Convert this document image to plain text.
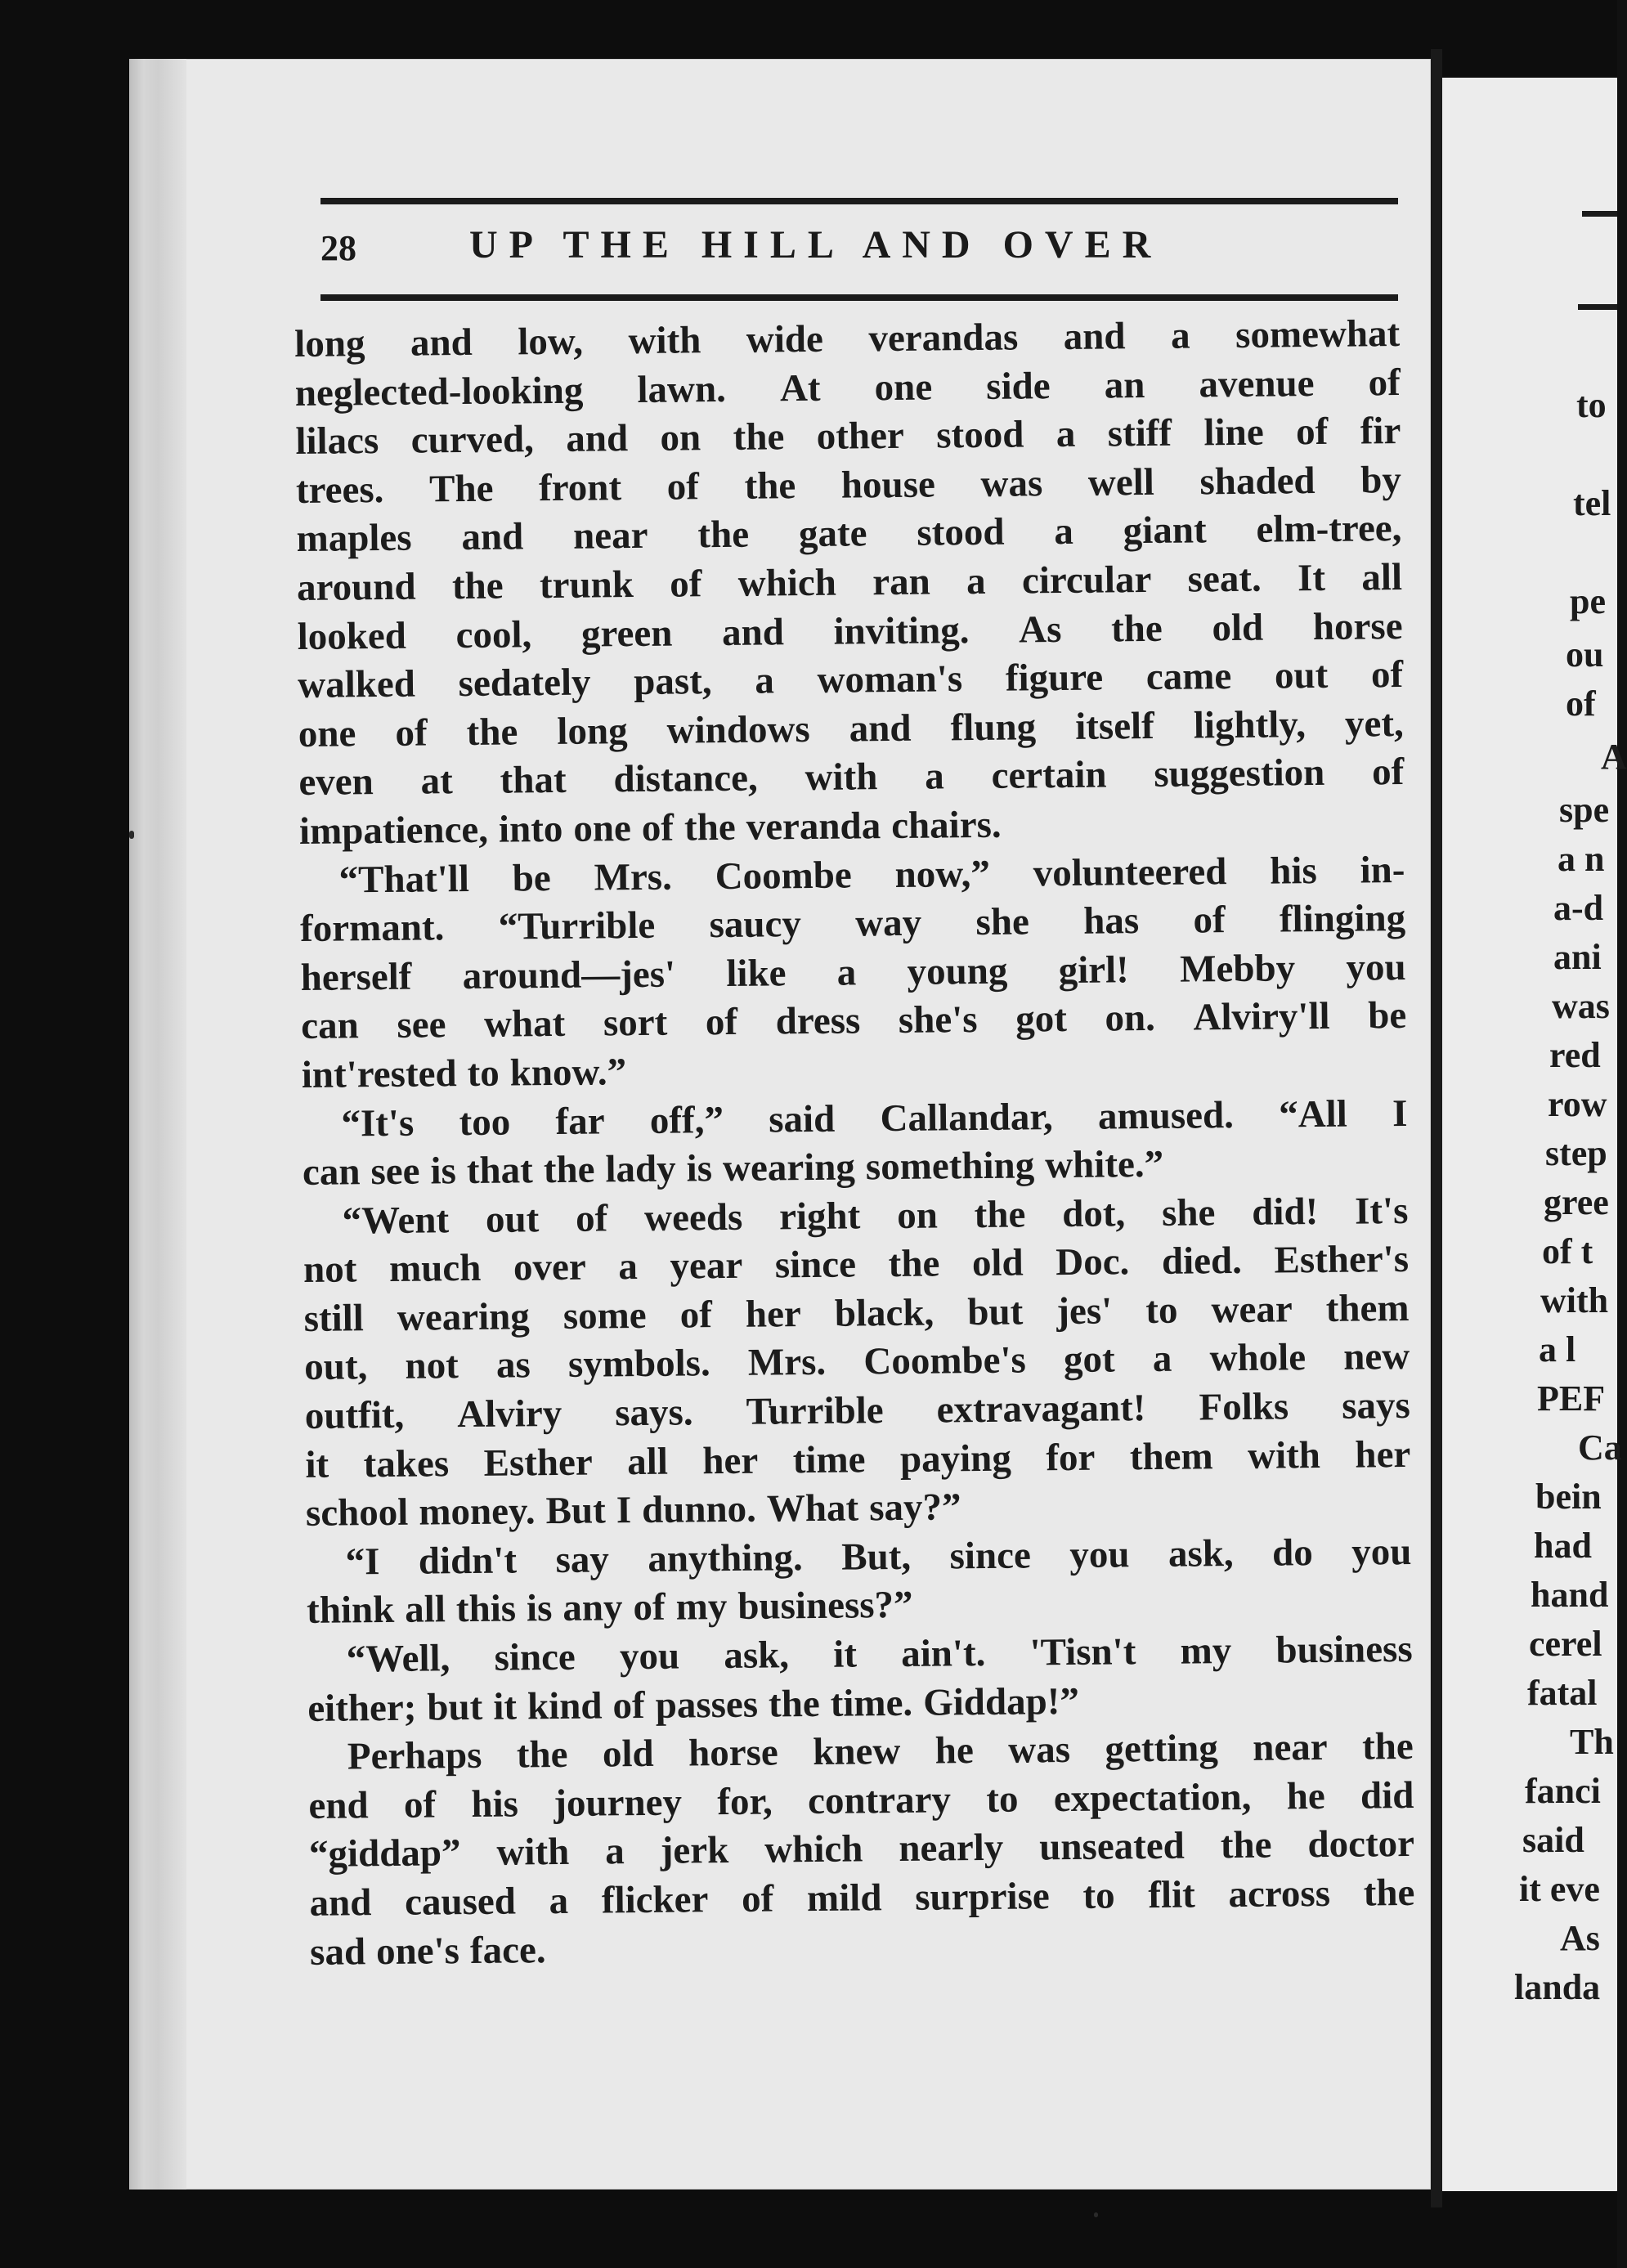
28	UP THE HILL AND OVER
long and low, with wide verandas and a somewhat
neglected-looking lawn. At one side an avenue of
lilacs curved, and on the other stood a stiff line of fir
trees. The front of the house was well shaded by
maples and near the gate stood a giant elm-tree,
around the trunk of which ran a circular seat. It all
looked cool, green and inviting. As the old horse
walked sedately past, a woman's figure came out of
one of the long windows and flung itself lightly, yet,
even at that distance, with a certain suggestion of
impatience, into one of the veranda chairs.
“That'll be Mrs. Coombe now,” volunteered his in-
formant. “Turrible saucy way she has of flinging
herself around—jes' like a young girl! Mebby you
can see what sort of dress she's got on. Alviry'll be
int'rested to know.”
“It's too far off,” said Callandar, amused. “All I
can see is that the lady is wearing something white.”
“Went out of weeds right on the dot, she did! It's
not much over a year since the old Doc. died. Esther's
still wearing some of her black, but jes' to wear them
out, not as symbols. Mrs. Coombe's got a whole new
outfit, Alviry says. Turrible extravagant! Folks says
it takes Esther all her time paying for them with her
school money. But I dunno. What say?”
“I didn't say anything. But, since you ask, do you
think all this is any of my business?”
“Well, since you ask, it ain't. 'Tisn't my business
either; but it kind of passes the time. Giddap!”
Perhaps the old horse knew he was getting near the
end of his journey for, contrary to expectation, he did
“giddap” with a jerk which nearly unseated the doctor
and caused a flicker of mild surprise to flit across the
sad one's face.
to
tel
pe
ou
of
A
spe
a n
a-d
ani
was
red
row
step
gree
of t
with
a l
PEF
Ca
bein
had
hand
cerel
fatal
Th
fanci
said
it eve
As
landa
